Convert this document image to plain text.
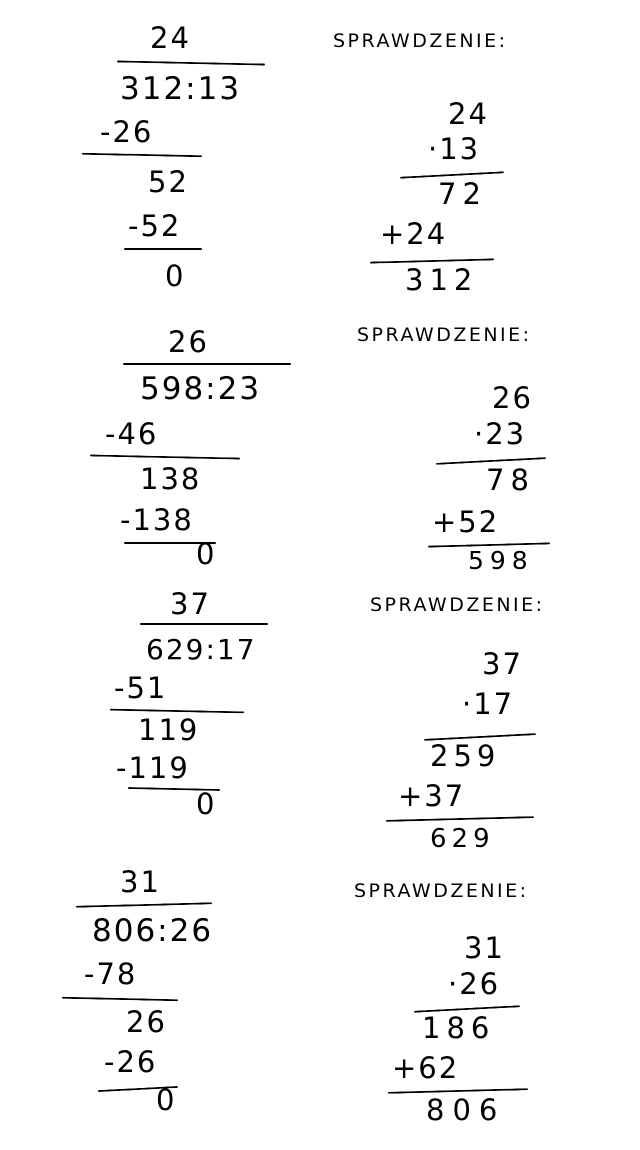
24
312:13
-26
52
-52
0
SPRAWDZENIE:
24
·13
72
+24
312
26
598:23
-46
138
-138
0
SPRAWDZENIE:
26
·23
78
+52
598
37
629:17
-51
119
-119
0
SPRAWDZENIE:
37
·17
259
+37
629
31
806:26
-78
26
-26
0
SPRAWDZENIE:
31
·26
186
+62
806
